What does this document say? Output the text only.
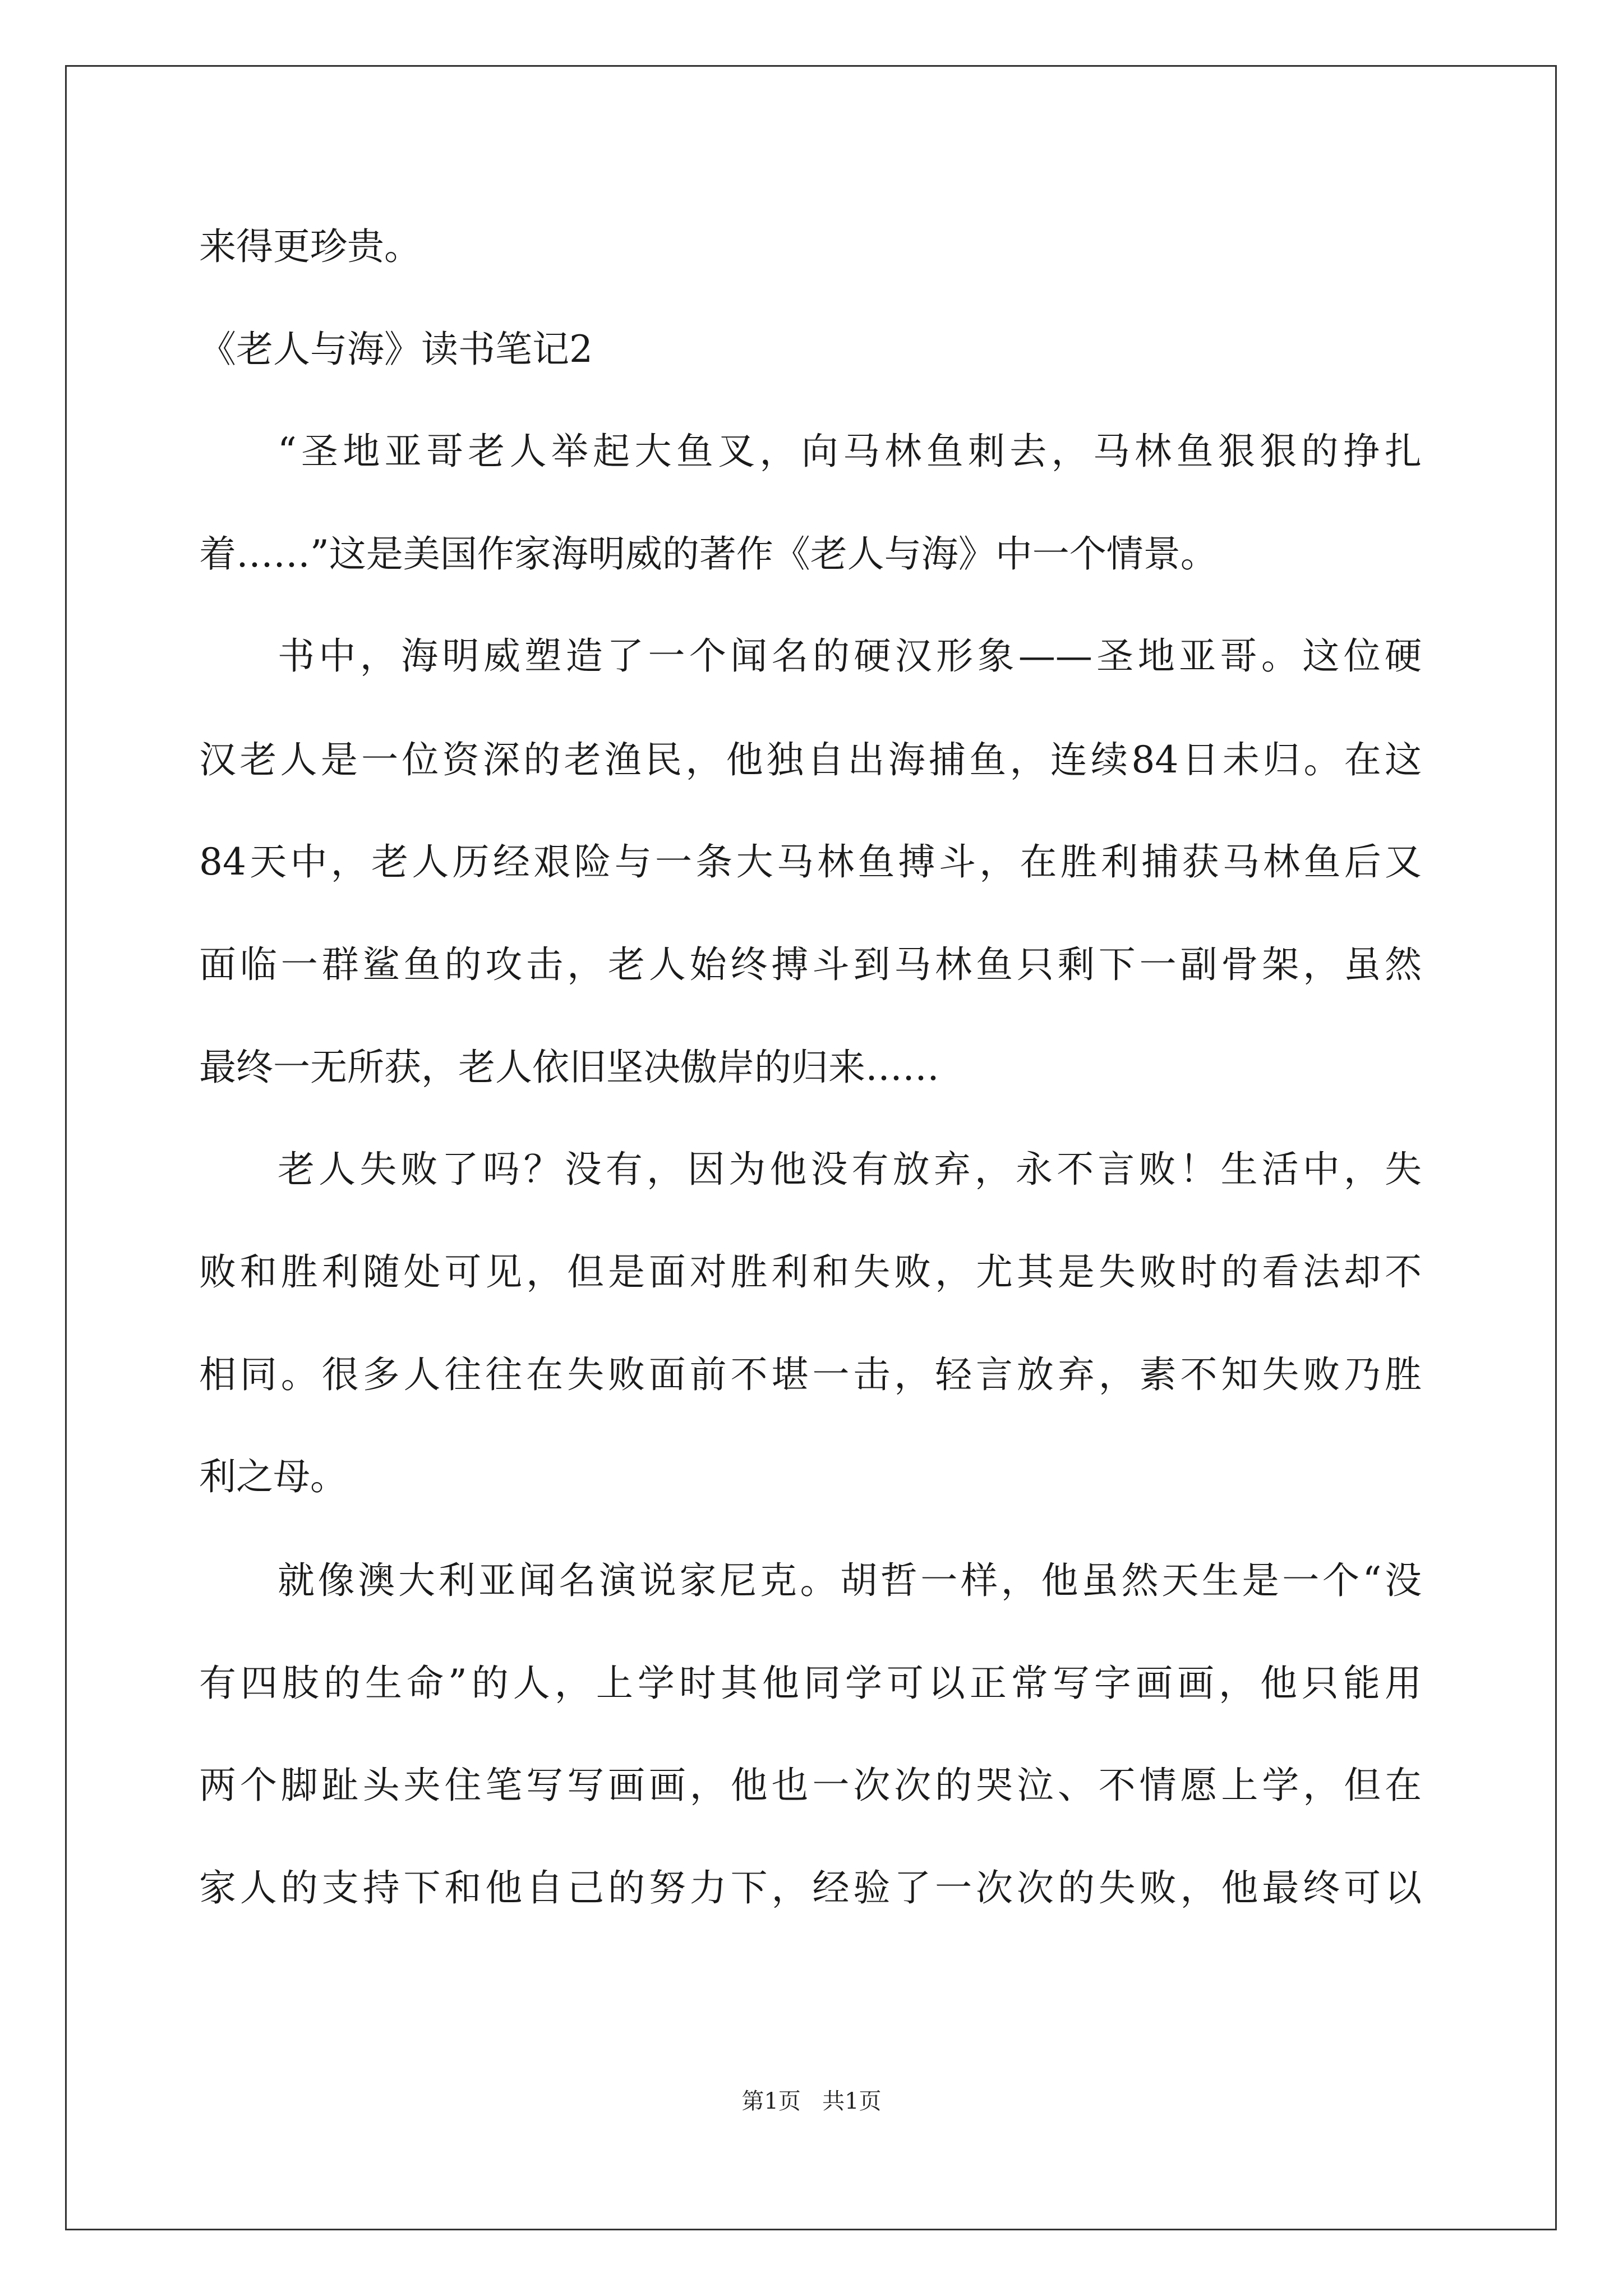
来得更珍贵。
《老人与海》读书笔记2
“圣地亚哥老人举起大鱼叉，向马林鱼刺去，马林鱼狠狠的挣扎
着……”这是美国作家海明威的著作《老人与海》中一个情景。
书中，海明威塑造了一个闻名的硬汉形象——圣地亚哥。这位硬
汉老人是一位资深的老渔民，他独自出海捕鱼，连续84日未归。在这
84天中，老人历经艰险与一条大马林鱼搏斗，在胜利捕获马林鱼后又
面临一群鲨鱼的攻击，老人始终搏斗到马林鱼只剩下一副骨架，虽然
最终一无所获，老人依旧坚决傲岸的归来……
老人失败了吗？没有，因为他没有放弃，永不言败！生活中，失
败和胜利随处可见，但是面对胜利和失败，尤其是失败时的看法却不
相同。很多人往往在失败面前不堪一击，轻言放弃，素不知失败乃胜
利之母。
就像澳大利亚闻名演说家尼克。胡哲一样，他虽然天生是一个“没
有四肢的生命”的人，上学时其他同学可以正常写字画画，他只能用
两个脚趾头夹住笔写写画画，他也一次次的哭泣、不情愿上学，但在
家人的支持下和他自己的努力下，经验了一次次的失败，他最终可以
第1页 共1页
